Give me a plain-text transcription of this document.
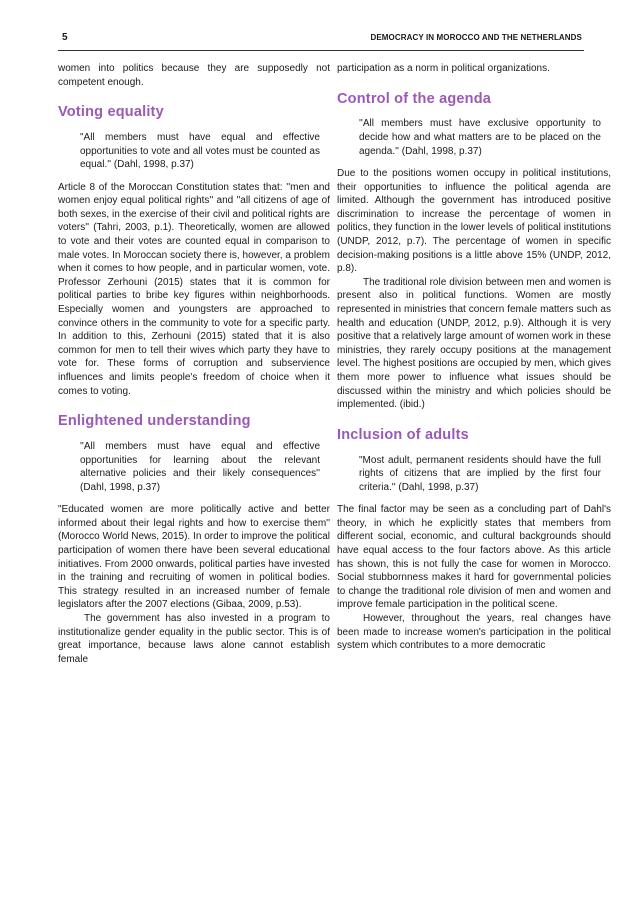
5	DEMOCRACY IN MOROCCO AND THE NETHERLANDS

women into politics because they are supposedly not competent enough.

Voting equality
"All members must have equal and effective opportunities to vote and all votes must be counted as equal.'' (Dahl, 1998, p.37)

Article 8 of the Moroccan Constitution states that: ''men and women enjoy equal political rights'' and ''all citizens of age of both sexes, in the exercise of their civil and political rights are voters'' (Tahri, 2003, p.1). Theoretically, women are allowed to vote and their votes are counted equal in comparison to male votes. In Moroccan society there is, however, a problem when it comes to how people, and in particular women, vote. Professor Zerhouni (2015) states that it is common for political parties to bribe key figures within neighborhoods. Especially women and youngsters are approached to convince others in the community to vote for a specific party. In addition to this, Zerhouni (2015) stated that it is also common for men to tell their wives which party they have to vote for. These forms of corruption and subservience influences and limits people's freedom of choice when it comes to voting.

Enlightened understanding
''All members must have equal and effective opportunities for learning about the relevant alternative policies and their likely consequences'' (Dahl, 1998, p.37)

"Educated women are more politically active and better informed about their legal rights and how to exercise them'' (Morocco World News, 2015). In order to improve the political participation of women there have been several educational initiatives. From 2000 onwards, political parties have invested in the training and recruiting of women in political bodies. This strategy resulted in an increased number of female legislators after the 2007 elections (Gibaa, 2009, p.53).

The government has also invested in a program to institutionalize gender equality in the public sector. This is of great importance, because laws alone cannot establish female

participation as a norm in political organizations.

Control of the agenda
''All members must have exclusive opportunity to decide how and what matters are to be placed on the agenda.'' (Dahl, 1998, p.37)

Due to the positions women occupy in political institutions, their opportunities to influence the political agenda are limited. Although the government has introduced positive discrimination to increase the percentage of women in politics, they function in the lower levels of political institutions (UNDP, 2012, p.7). The percentage of women in specific decision-making positions is a little above 15% (UNDP, 2012, p.8).

The traditional role division between men and women is present also in political functions. Women are mostly represented in ministries that concern female matters such as health and education (UNDP, 2012, p.9). Although it is very positive that a relatively large amount of women work in these ministries, they rarely occupy positions at the management level. The highest positions are occupied by men, which gives them more power to influence what issues should be discussed within the ministry and which policies should be implemented. (ibid.)

Inclusion of adults
"Most adult, permanent residents should have the full rights of citizens that are implied by the first four criteria.'' (Dahl, 1998, p.37)

The final factor may be seen as a concluding part of Dahl's theory, in which he explicitly states that members from different social, economic, and cultural backgrounds should have equal access to the four factors above. As this article has shown, this is not fully the case for women in Morocco. Social stubbornness makes it hard for governmental policies to change the traditional role division of men and women and improve female participation in the political scene.

However, throughout the years, real changes have been made to increase women's participation in the political system which contributes to a more democratic
